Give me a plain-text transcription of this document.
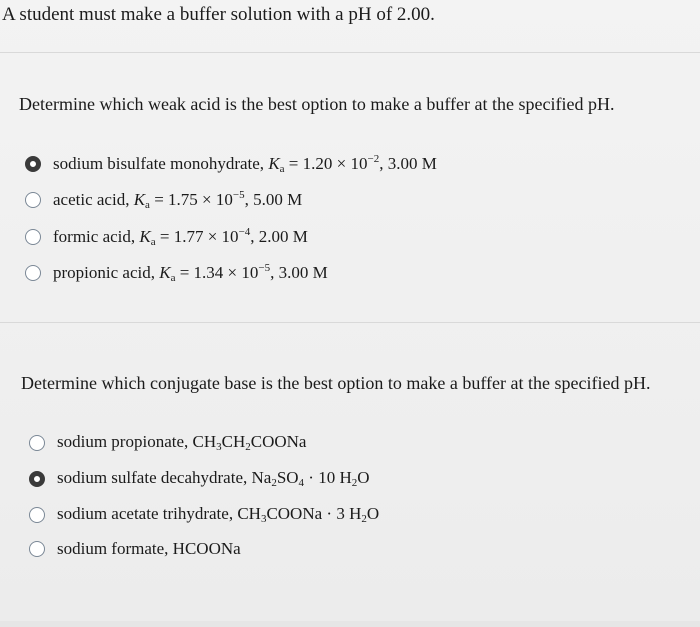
A student must make a buffer solution with a pH of 2.00.
Determine which weak acid is the best option to make a buffer at the specified pH.
sodium bisulfate monohydrate, $K_a = 1.20 \times 10^{-2}$, 3.00 M
acetic acid, $K_a = 1.75 \times 10^{-5}$, 5.00 M
formic acid, $K_a = 1.77 \times 10^{-4}$, 2.00 M
propionic acid, $K_a = 1.34 \times 10^{-5}$, 3.00 M
Determine which conjugate base is the best option to make a buffer at the specified pH.
sodium propionate, $CH_3CH_2COONa$
sodium sulfate decahydrate, $Na_2SO_4 \cdot 10$ $H_2O$
sodium acetate trihydrate, $CH_3COONa \cdot 3$ $H_2O$
sodium formate, HCOONa
